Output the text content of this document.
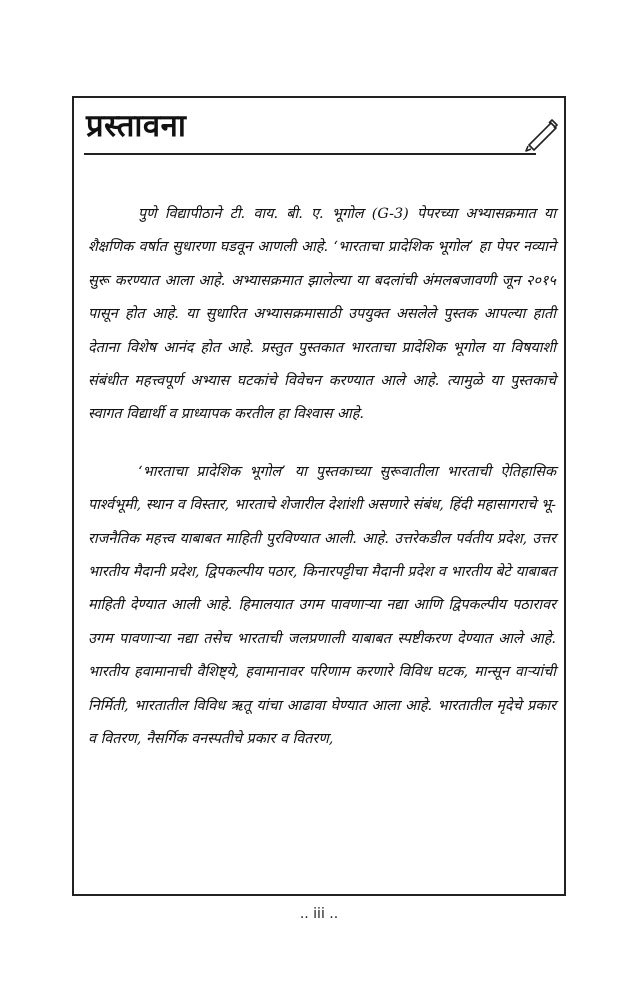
प्रस्तावना

पुणे विद्यापीठाने टी. वाय. बी. ए. भूगोल (G-3) पेपरच्या अभ्यासक्रमात या शैक्षणिक वर्षात सुधारणा घडवून आणली आहे. ‘भारताचा प्रादेशिक भूगोल’ हा पेपर नव्याने सुरू करण्यात आला आहे. अभ्यासक्रमात झालेल्या या बदलांची अंमलबजावणी जून २०१५ पासून होत आहे. या सुधारित अभ्यासक्रमासाठी उपयुक्त असलेले पुस्तक आपल्या हाती देताना विशेष आनंद होत आहे. प्रस्तुत पुस्तकात भारताचा प्रादेशिक भूगोल या विषयाशी संबंधीत महत्त्वपूर्ण अभ्यास घटकांचे विवेचन करण्यात आले आहे. त्यामुळे या पुस्तकाचे स्वागत विद्यार्थी व प्राध्यापक करतील हा विश्वास आहे.

‘भारताचा प्रादेशिक भूगोल’ या पुस्तकाच्या सुरूवातीला भारताची ऐतिहासिक पार्श्वभूमी, स्थान व विस्तार, भारताचे शेजारील देशांशी असणारे संबंध, हिंदी महासागराचे भू-राजनैतिक महत्त्व याबाबत माहिती पुरविण्यात आली. आहे. उत्तरेकडील पर्वतीय प्रदेश, उत्तर भारतीय मैदानी प्रदेश, द्विपकल्पीय पठार, किनारपट्टीचा मैदानी प्रदेश व भारतीय बेटे याबाबत माहिती देण्यात आली आहे. हिमालयात उगम पावणाऱ्या नद्या आणि द्विपकल्पीय पठारावर उगम पावणाऱ्या नद्या तसेच भारताची जलप्रणाली याबाबत स्पष्टीकरण देण्यात आले आहे. भारतीय हवामानाची वैशिष्ट्ये, हवामानावर परिणाम करणारे विविध घटक, मान्सून वाऱ्यांची निर्मिती, भारतातील विविध ऋतू यांचा आढावा घेण्यात आला आहे. भारतातील मृदेचे प्रकार व वितरण, नैसर्गिक वनस्पतीचे प्रकार व वितरण,

.. iii ..
